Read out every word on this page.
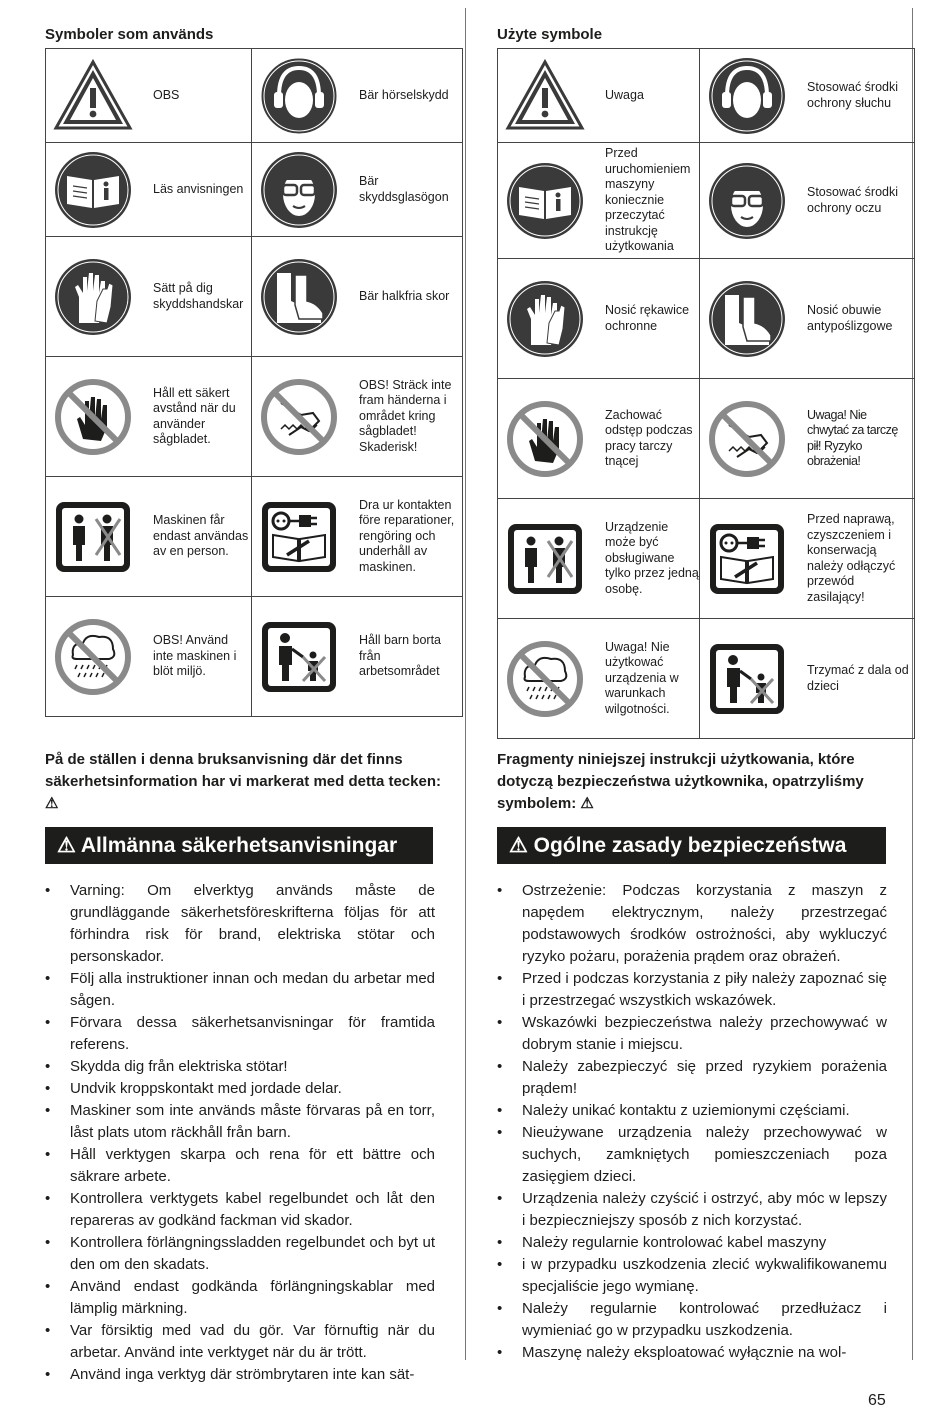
Symboler som används
OBS	Bär hörselskydd

Läs anvisningen	Bär skyddsglasögon

Sätt på dig skyddshandskar	Bär halkfria skor

Håll ett säkert avstånd när du använder sågbladet.	OBS! Sträck inte fram händerna i området kring sågbladet! Skaderisk!

Maskinen får endast användas av en person.	Dra ur kontakten före reparationer, rengöring och underhåll av maskinen.

OBS! Använd inte maskinen i blöt miljö.	Håll barn borta från arbetsområdet
På de ställen i denna bruksanvisning där det finns säkerhetsinformation har vi markerat med detta tecken: ⚠
⚠ Allmänna säkerhetsanvisningar
• Varning: Om elverktyg används måste de grundläggande säkerhetsföreskrifterna följas för att förhindra risk för brand, elektriska stötar och personskador.
• Följ alla instruktioner innan och medan du arbetar med sågen.
• Förvara dessa säkerhetsanvisningar för framtida referens.
• Skydda dig från elektriska stötar!
• Undvik kroppskontakt med jordade delar.
• Maskiner som inte används måste förvaras på en torr, låst plats utom räckhåll från barn.
• Håll verktygen skarpa och rena för ett bättre och säkrare arbete.
• Kontrollera verktygets kabel regelbundet och låt den repareras av godkänd fackman vid skador.
• Kontrollera förlängningssladden regelbundet och byt ut den om den skadats.
• Använd endast godkända förlängningskablar med lämplig märkning.
• Var försiktig med vad du gör. Var förnuftig när du arbetar. Använd inte verktyget när du är trött.
• Använd inga verktyg där strömbrytaren inte kan sät-
Użyte symbole
Uwaga	Stosować środki ochrony słuchu

Przed uruchomieniem maszyny koniecznie przeczytać instrukcję użytkowania	Stosować środki ochrony oczu

Nosić rękawice ochronne	Nosić obuwie antypoślizgowe

Zachować odstęp podczas pracy tarczy tnącej	Uwaga! Nie chwytać za tarczę pił! Ryzyko obrażenia!

Urządzenie może być obsługiwane tylko przez jedną osobę.	Przed naprawą, czyszczeniem i konserwacją należy odłączyć przewód zasilający!

Uwaga! Nie użytkować urządzenia w warunkach wilgotności.	Trzymać z dala od dzieci
Fragmenty niniejszej instrukcji użytkowania, które dotyczą bezpieczeństwa użytkownika, opatrzyliśmy symbolem: ⚠
⚠ Ogólne zasady bezpieczeństwa
• Ostrzeżenie: Podczas korzystania z maszyn z napędem elektrycznym, należy przestrzegać podstawowych środków ostrożności, aby wykluczyć ryzyko pożaru, porażenia prądem oraz obrażeń.
• Przed i podczas korzystania z piły należy zapoznać się i przestrzegać wszystkich wskazówek.
• Wskazówki bezpieczeństwa należy przechowywać w dobrym stanie i miejscu.
• Należy zabezpieczyć się przed ryzykiem porażenia prądem!
• Należy unikać kontaktu z uziemionymi częściami.
• Nieużywane urządzenia należy przechowywać w suchych, zamkniętych pomieszczeniach poza zasięgiem dzieci.
• Urządzenia należy czyścić i ostrzyć, aby móc w lepszy i bezpieczniejszy sposób z nich korzystać.
• Należy regularnie kontrolować kabel maszyny
• i w przypadku uszkodzenia zlecić wykwalifikowanemu specjaliście jego wymianę.
• Należy regularnie kontrolować przedłużacz i wymieniać go w przypadku uszkodzenia.
• Maszynę należy eksploatować wyłącznie na wol-
65
